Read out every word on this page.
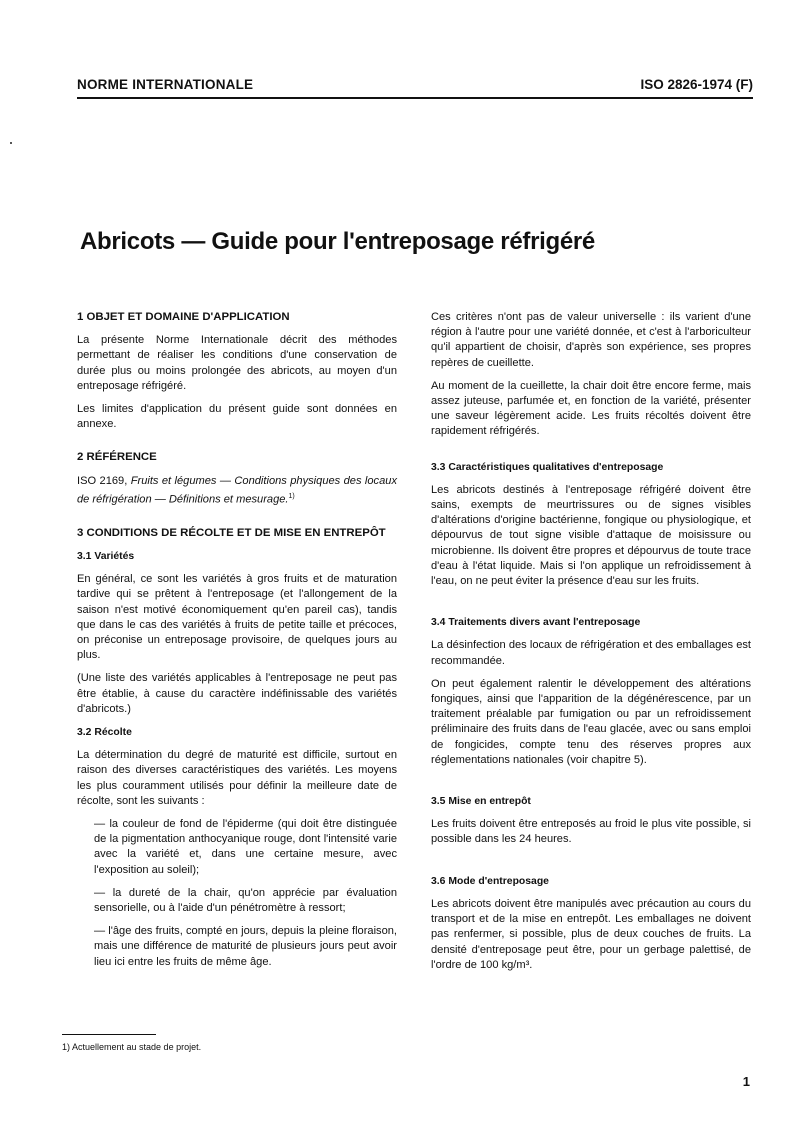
NORME INTERNATIONALE	ISO 2826-1974 (F)
Abricots — Guide pour l'entreposage réfrigéré
1 OBJET ET DOMAINE D'APPLICATION

La présente Norme Internationale décrit des méthodes permettant de réaliser les conditions d'une conservation de durée plus ou moins prolongée des abricots, au moyen d'un entreposage réfrigéré.

Les limites d'application du présent guide sont données en annexe.

2 RÉFÉRENCE

ISO 2169, Fruits et légumes — Conditions physiques des locaux de réfrigération — Définitions et mesurage.$^{1)}$

3 CONDITIONS DE RÉCOLTE ET DE MISE EN ENTREPÔT
3.1 Variétés

En général, ce sont les variétés à gros fruits et de maturation tardive qui se prêtent à l'entreposage (et l'allongement de la saison n'est motivé économiquement qu'en pareil cas), tandis que dans le cas des variétés à fruits de petite taille et précoces, on préconise un entreposage provisoire, de quelques jours au plus.

(Une liste des variétés applicables à l'entreposage ne peut pas être établie, à cause du caractère indéfinissable des variétés d'abricots.)

3.2 Récolte

La détermination du degré de maturité est difficile, surtout en raison des diverses caractéristiques des variétés. Les moyens les plus couramment utilisés pour définir la meilleure date de récolte, sont les suivants :

— la couleur de fond de l'épiderme (qui doit être distinguée de la pigmentation anthocyanique rouge, dont l'intensité varie avec la variété et, dans une certaine mesure, avec l'exposition au soleil);
— la dureté de la chair, qu'on apprécie par évaluation sensorielle, ou à l'aide d'un pénétromètre à ressort;
— l'âge des fruits, compté en jours, depuis la pleine floraison, mais une différence de maturité de plusieurs jours peut avoir lieu ici entre les fruits de même âge.

Ces critères n'ont pas de valeur universelle : ils varient d'une région à l'autre pour une variété donnée, et c'est à l'arboriculteur qu'il appartient de choisir, d'après son expérience, ses propres repères de cueillette.

Au moment de la cueillette, la chair doit être encore ferme, mais assez juteuse, parfumée et, en fonction de la variété, présenter une saveur légèrement acide. Les fruits récoltés doivent être rapidement réfrigérés.

3.3 Caractéristiques qualitatives d'entreposage

Les abricots destinés à l'entreposage réfrigéré doivent être sains, exempts de meurtrissures ou de signes visibles d'altérations d'origine bactérienne, fongique ou physiologique, et dépourvus de tout signe visible d'attaque de moisissure ou microbienne. Ils doivent être propres et dépourvus de toute trace d'eau à l'état liquide. Mais si l'on applique un refroidissement à l'eau, on ne peut éviter la présence d'eau sur les fruits.

3.4 Traitements divers avant l'entreposage

La désinfection des locaux de réfrigération et des emballages est recommandée.

On peut également ralentir le développement des altérations fongiques, ainsi que l'apparition de la dégénérescence, par un traitement préalable par fumigation ou par un refroidissement préliminaire des fruits dans de l'eau glacée, avec ou sans emploi de fongicides, compte tenu des réserves propres aux réglementations nationales (voir chapitre 5).

3.5 Mise en entrepôt

Les fruits doivent être entreposés au froid le plus vite possible, si possible dans les 24 heures.

3.6 Mode d'entreposage

Les abricots doivent être manipulés avec précaution au cours du transport et de la mise en entrepôt. Les emballages ne doivent pas renfermer, si possible, plus de deux couches de fruits. La densité d'entreposage peut être, pour un gerbage palettisé, de l'ordre de 100 kg/m³.

1) Actuellement au stade de projet.
1
